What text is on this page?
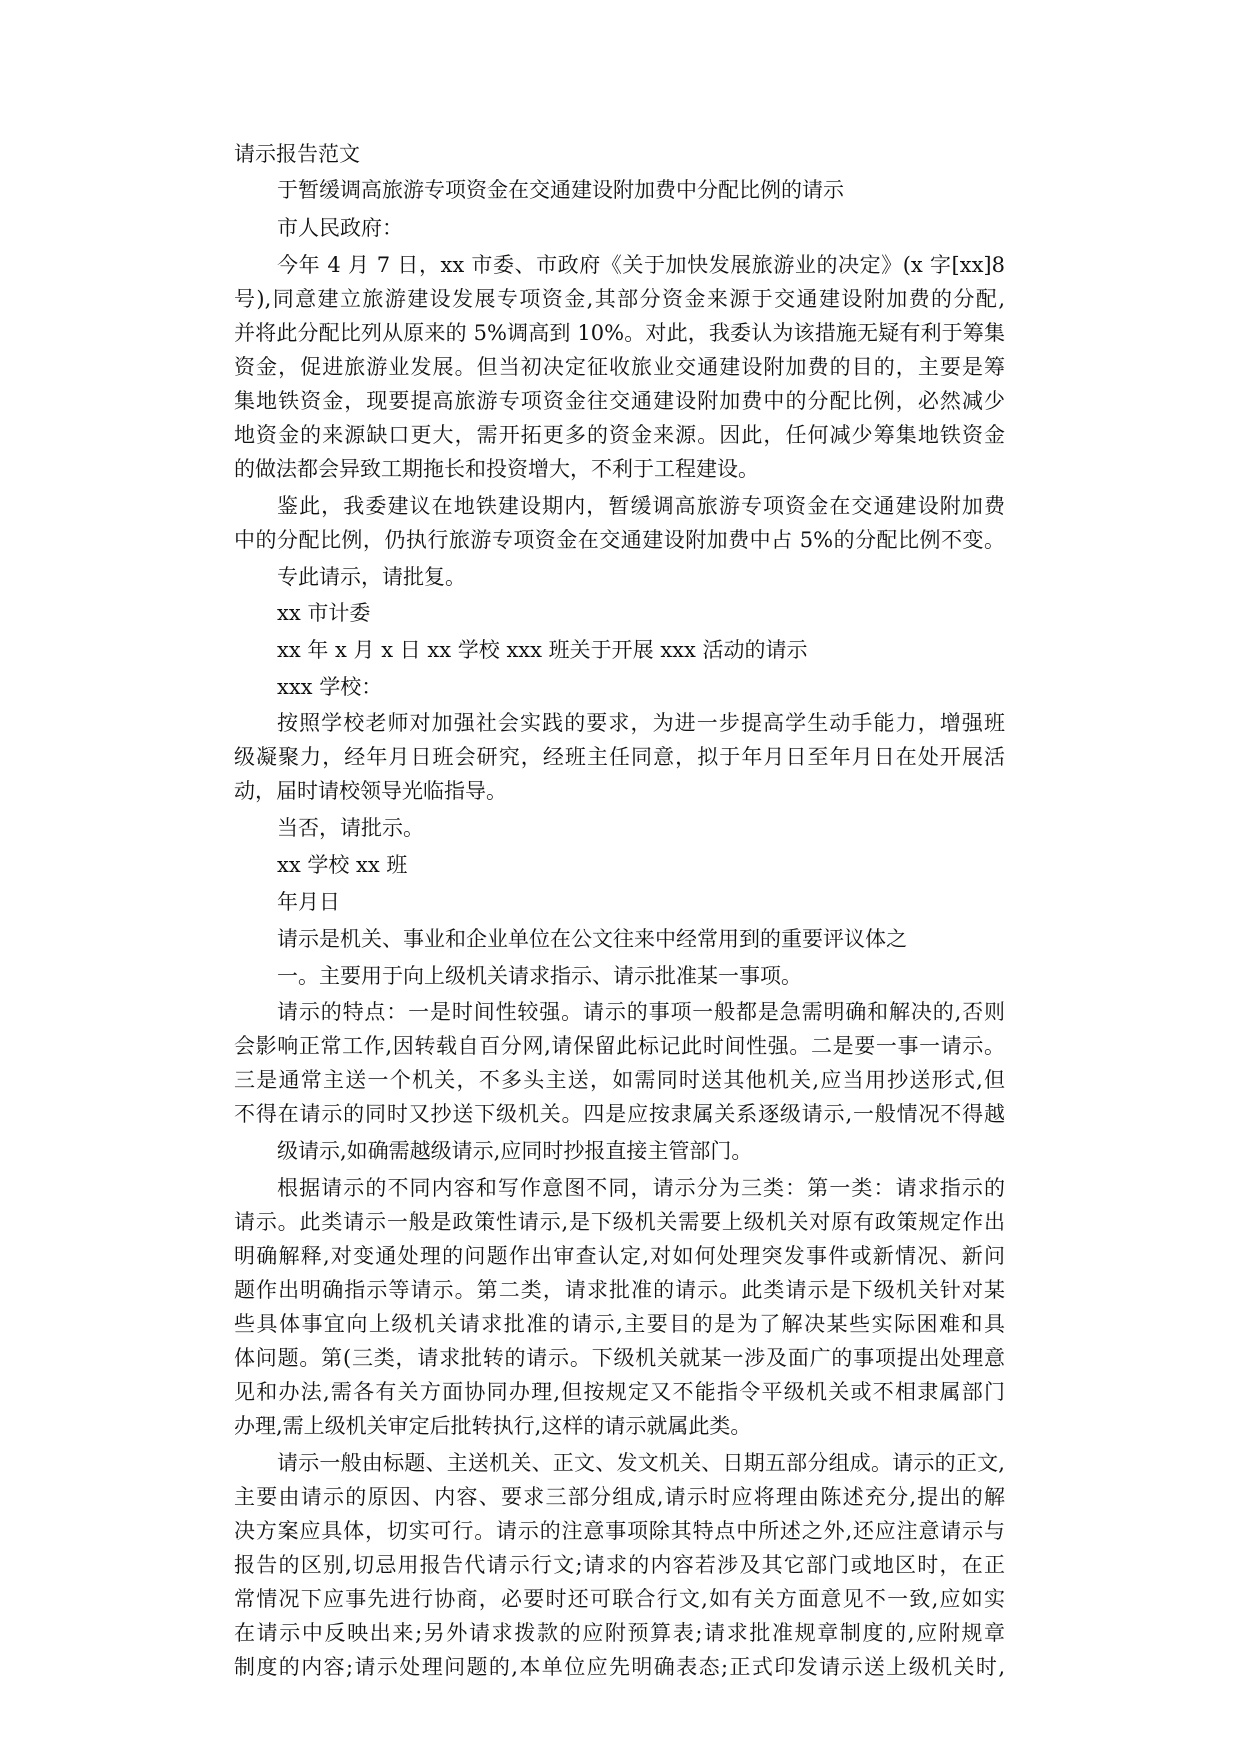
请示报告范文
于暂缓调高旅游专项资金在交通建设附加费中分配比例的请示
市人民政府：
今年 4 月 7 日，xx 市委、市政府《关于加快发展旅游业的决定》(x 字[xx]8
号),同意建立旅游建设发展专项资金,其部分资金来源于交通建设附加费的分配,
并将此分配比列从原来的 5%调高到 10%。对此，我委认为该措施无疑有利于筹集
资金，促进旅游业发展。但当初决定征收旅业交通建设附加费的目的，主要是筹
集地铁资金，现要提高旅游专项资金往交通建设附加费中的分配比例，必然减少
地资金的来源缺口更大，需开拓更多的资金来源。因此，任何减少筹集地铁资金
的做法都会异致工期拖长和投资增大，不利于工程建设。
鉴此，我委建议在地铁建设期内，暂缓调高旅游专项资金在交通建设附加费
中的分配比例，仍执行旅游专项资金在交通建设附加费中占 5%的分配比例不变。
专此请示，请批复。
xx 市计委
xx 年 x 月 x 日 xx 学校 xxx 班关于开展 xxx 活动的请示
xxx 学校：
按照学校老师对加强社会实践的要求，为进一步提高学生动手能力，增强班
级凝聚力，经年月日班会研究，经班主任同意，拟于年月日至年月日在处开展活
动，届时请校领导光临指导。
当否，请批示。
xx 学校 xx 班
年月日
请示是机关、事业和企业单位在公文往来中经常用到的重要评议体之
一。主要用于向上级机关请求指示、请示批准某一事项。
请示的特点：一是时间性较强。请示的事项一般都是急需明确和解决的,否则
会影响正常工作,因转载自百分网,请保留此标记此时间性强。二是要一事一请示。
三是通常主送一个机关，不多头主送，如需同时送其他机关,应当用抄送形式,但
不得在请示的同时又抄送下级机关。四是应按隶属关系逐级请示,一般情况不得越
级请示,如确需越级请示,应同时抄报直接主管部门。
根据请示的不同内容和写作意图不同，请示分为三类：第一类：请求指示的
请示。此类请示一般是政策性请示,是下级机关需要上级机关对原有政策规定作出
明确解释,对变通处理的问题作出审查认定,对如何处理突发事件或新情况、新问
题作出明确指示等请示。第二类，请求批准的请示。此类请示是下级机关针对某
些具体事宜向上级机关请求批准的请示,主要目的是为了解决某些实际困难和具
体问题。第(三类，请求批转的请示。下级机关就某一涉及面广的事项提出处理意
见和办法,需各有关方面协同办理,但按规定又不能指令平级机关或不相隶属部门
办理,需上级机关审定后批转执行,这样的请示就属此类。
请示一般由标题、主送机关、正文、发文机关、日期五部分组成。请示的正文,
主要由请示的原因、内容、要求三部分组成,请示时应将理由陈述充分,提出的解
决方案应具体，切实可行。请示的注意事项除其特点中所述之外,还应注意请示与
报告的区别,切忌用报告代请示行文;请求的内容若涉及其它部门或地区时，在正
常情况下应事先进行协商，必要时还可联合行文,如有关方面意见不一致,应如实
在请示中反映出来;另外请求拨款的应附预算表;请求批准规章制度的,应附规章
制度的内容;请示处理问题的,本单位应先明确表态;正式印发请示送上级机关时,
